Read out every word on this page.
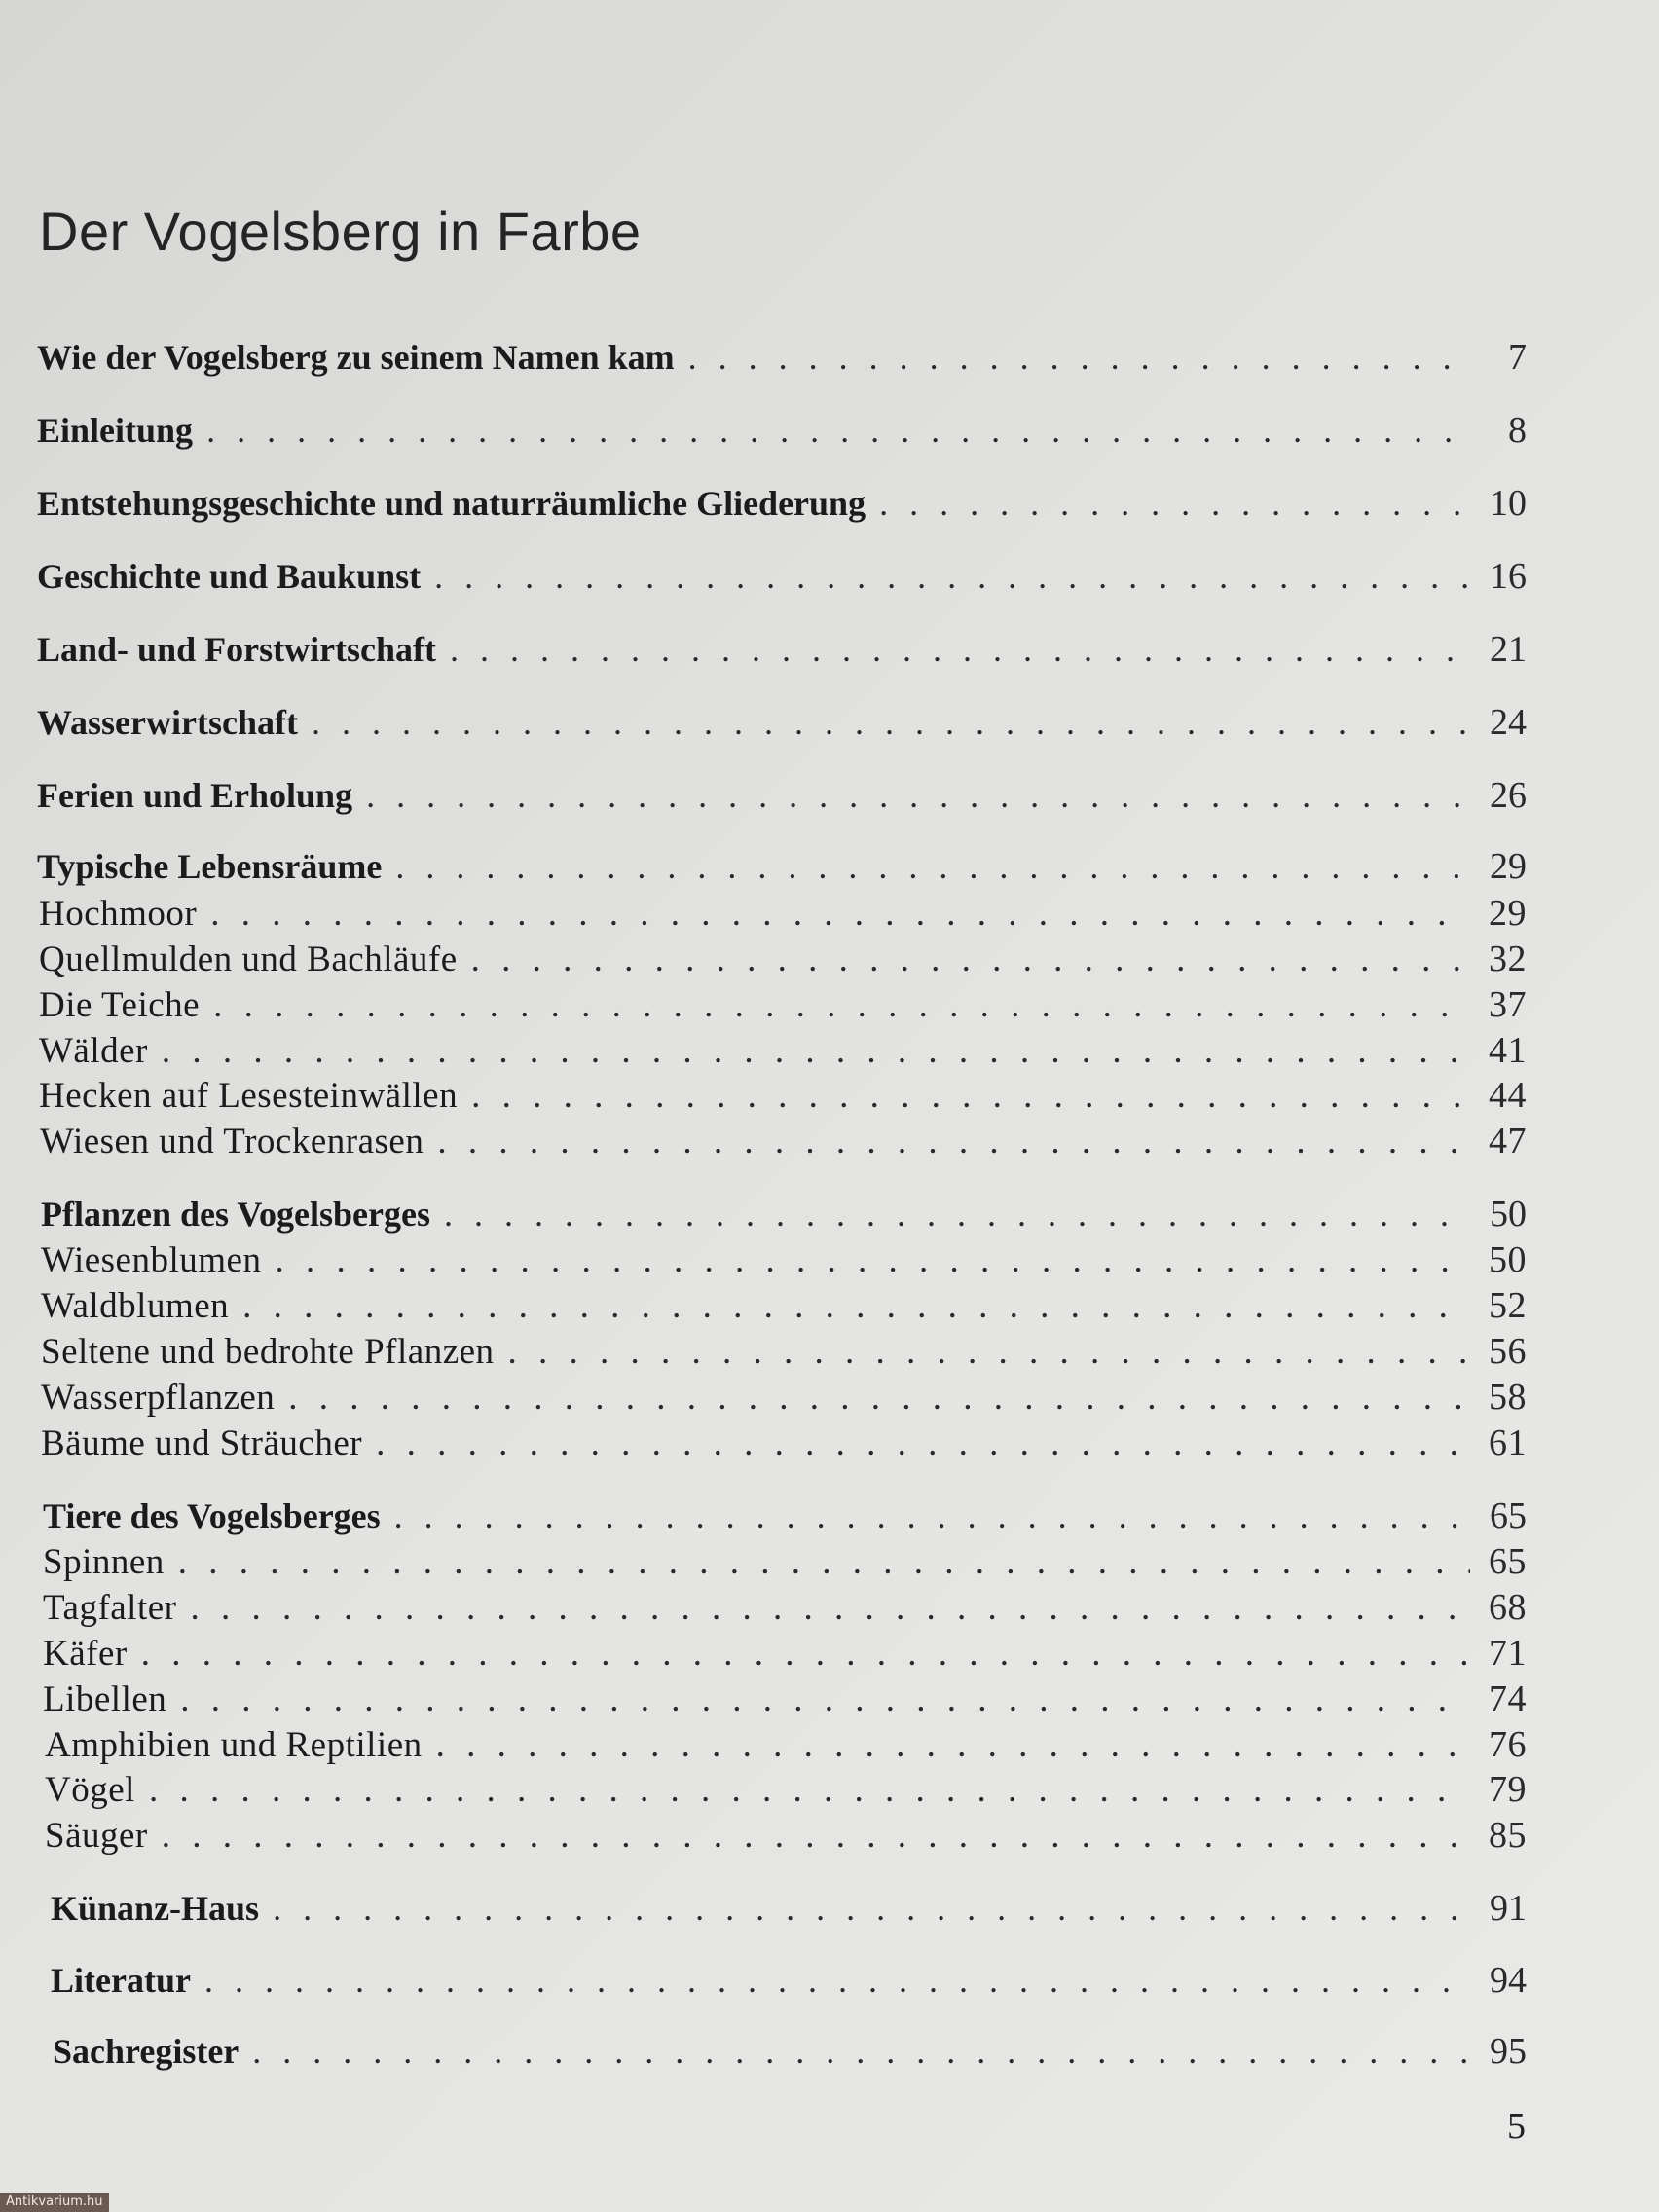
Der Vogelsberg in Farbe
Wie der Vogelsberg zu seinem Namen kam . . .	7
Einleitung . . .	8
Entstehungsgeschichte und naturräumliche Gliederung . . .	10
Geschichte und Baukunst . . .	16
Land- und Forstwirtschaft . . .	21
Wasserwirtschaft . . .	24
Ferien und Erholung . . .	26
Typische Lebensräume . . .	29
Hochmoor . . .	29
Quellmulden und Bachläufe . . .	32
Die Teiche . . .	37
Wälder . . .	41
Hecken auf Lesesteinwällen . . .	44
Wiesen und Trockenrasen . . .	47
Pflanzen des Vogelsberges . . .	50
Wiesenblumen . . .	50
Waldblumen . . .	52
Seltene und bedrohte Pflanzen . . .	56
Wasserpflanzen . . .	58
Bäume und Sträucher . . .	61
Tiere des Vogelsberges . . .	65
Spinnen . . .	65
Tagfalter . . .	68
Käfer . . .	71
Libellen . . .	74
Amphibien und Reptilien . . .	76
Vögel . . .	79
Säuger . . .	85
Künanz-Haus . . .	91
Literatur . . .	94
Sachregister . . .	95
5
Antikvarium.hu
